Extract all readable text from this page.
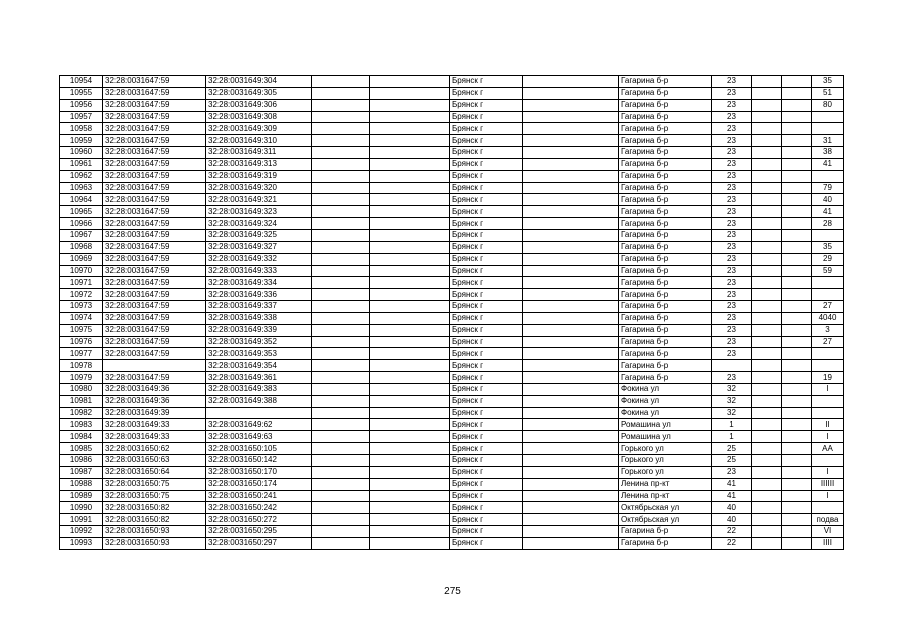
10954	32:28:0031647:59	32:28:0031649:304			Брянск г		Гагарина б-р	23			35
10955	32:28:0031647:59	32:28:0031649:305			Брянск г		Гагарина б-р	23			51
10956	32:28:0031647:59	32:28:0031649:306			Брянск г		Гагарина б-р	23			80
10957	32:28:0031647:59	32:28:0031649:308			Брянск г		Гагарина б-р	23			
10958	32:28:0031647:59	32:28:0031649:309			Брянск г		Гагарина б-р	23			
10959	32:28:0031647:59	32:28:0031649:310			Брянск г		Гагарина б-р	23			31
10960	32:28:0031647:59	32:28:0031649:311			Брянск г		Гагарина б-р	23			38
10961	32:28:0031647:59	32:28:0031649:313			Брянск г		Гагарина б-р	23			41
10962	32:28:0031647:59	32:28:0031649:319			Брянск г		Гагарина б-р	23			
10963	32:28:0031647:59	32:28:0031649:320			Брянск г		Гагарина б-р	23			79
10964	32:28:0031647:59	32:28:0031649:321			Брянск г		Гагарина б-р	23			40
10965	32:28:0031647:59	32:28:0031649:323			Брянск г		Гагарина б-р	23			41
10966	32:28:0031647:59	32:28:0031649:324			Брянск г		Гагарина б-р	23			28
10967	32:28:0031647:59	32:28:0031649:325			Брянск г		Гагарина б-р	23			
10968	32:28:0031647:59	32:28:0031649:327			Брянск г		Гагарина б-р	23			35
10969	32:28:0031647:59	32:28:0031649:332			Брянск г		Гагарина б-р	23			29
10970	32:28:0031647:59	32:28:0031649:333			Брянск г		Гагарина б-р	23			59
10971	32:28:0031647:59	32:28:0031649:334			Брянск г		Гагарина б-р	23			
10972	32:28:0031647:59	32:28:0031649:336			Брянск г		Гагарина б-р	23			
10973	32:28:0031647:59	32:28:0031649:337			Брянск г		Гагарина б-р	23			27
10974	32:28:0031647:59	32:28:0031649:338			Брянск г		Гагарина б-р	23			4040
10975	32:28:0031647:59	32:28:0031649:339			Брянск г		Гагарина б-р	23			3
10976	32:28:0031647:59	32:28:0031649:352			Брянск г		Гагарина б-р	23			27
10977	32:28:0031647:59	32:28:0031649:353			Брянск г		Гагарина б-р	23			
10978		32:28:0031649:354			Брянск г		Гагарина б-р				
10979	32:28:0031647:59	32:28:0031649:361			Брянск г		Гагарина б-р	23			19
10980	32:28:0031649:36	32:28:0031649:383			Брянск г		Фокина ул	32			I
10981	32:28:0031649:36	32:28:0031649:388			Брянск г		Фокина ул	32			
10982	32:28:0031649:39				Брянск г		Фокина ул	32			
10983	32:28:0031649:33	32:28:0031649:62			Брянск г		Ромашина ул	1			II
10984	32:28:0031649:33	32:28:0031649:63			Брянск г		Ромашина ул	1			I
10985	32:28:0031650:62	32:28:0031650:105			Брянск г		Горького ул	25			AA
10986	32:28:0031650:63	32:28:0031650:142			Брянск г		Горького ул	25			
10987	32:28:0031650:64	32:28:0031650:170			Брянск г		Горького ул	23			I
10988	32:28:0031650:75	32:28:0031650:174			Брянск г		Ленина пр-кт	41			IIIIII
10989	32:28:0031650:75	32:28:0031650:241			Брянск г		Ленина пр-кт	41			I
10990	32:28:0031650:82	32:28:0031650:242			Брянск г		Октябрьская ул	40			
10991	32:28:0031650:82	32:28:0031650:272			Брянск г		Октябрьская ул	40			подва
10992	32:28:0031650:93	32:28:0031650:295			Брянск г		Гагарина б-р	22			VI
10993	32:28:0031650:93	32:28:0031650:297			Брянск г		Гагарина б-р	22			IIII
275
